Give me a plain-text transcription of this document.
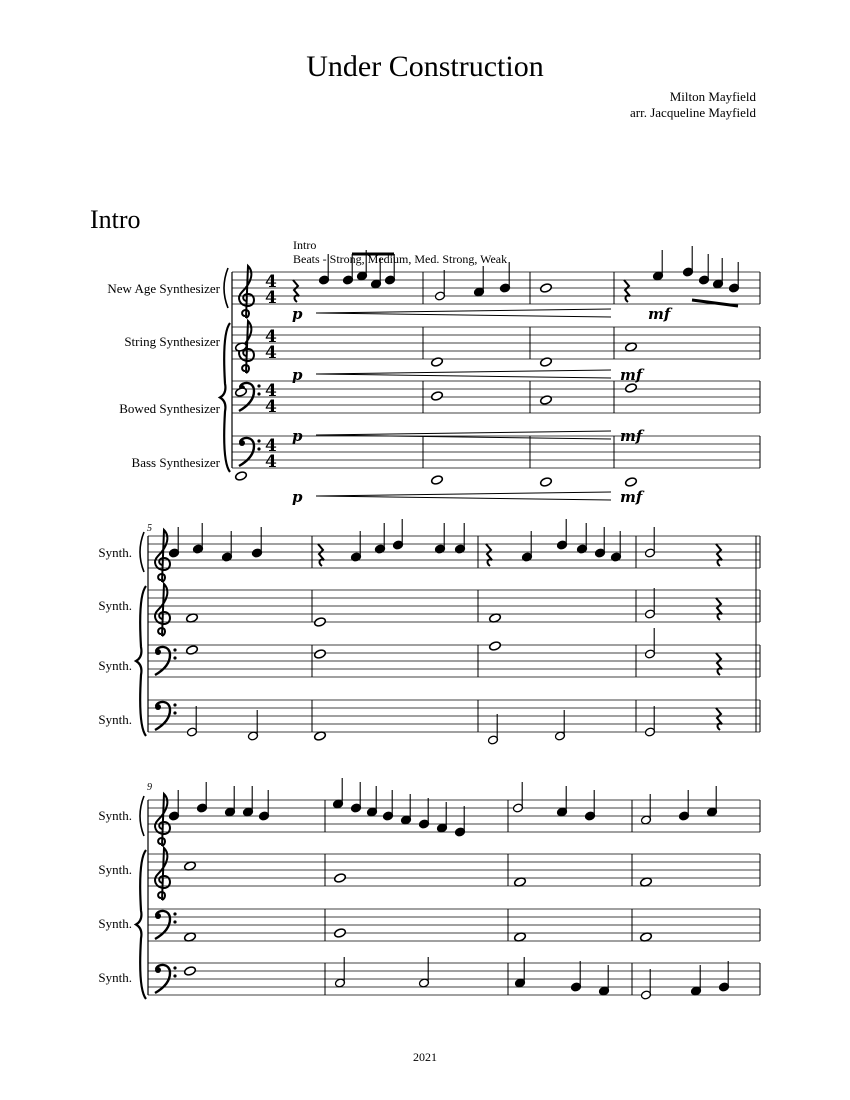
Under Construction
Milton Mayfield
arr. Jacqueline Mayfield
Intro
Intro
Beats - Strong, Medium, Med. Strong, Weak
2021
New Age Synthesizer
String Synthesizer
Bowed Synthesizer
Bass Synthesizer
Synth.
Synth.
Synth.
Synth.
Synth.
Synth.
Synth.
Synth.
5
9
p	mf
p	mf
p	mf
p	mf
4
4
4
4
4
4
4
4
